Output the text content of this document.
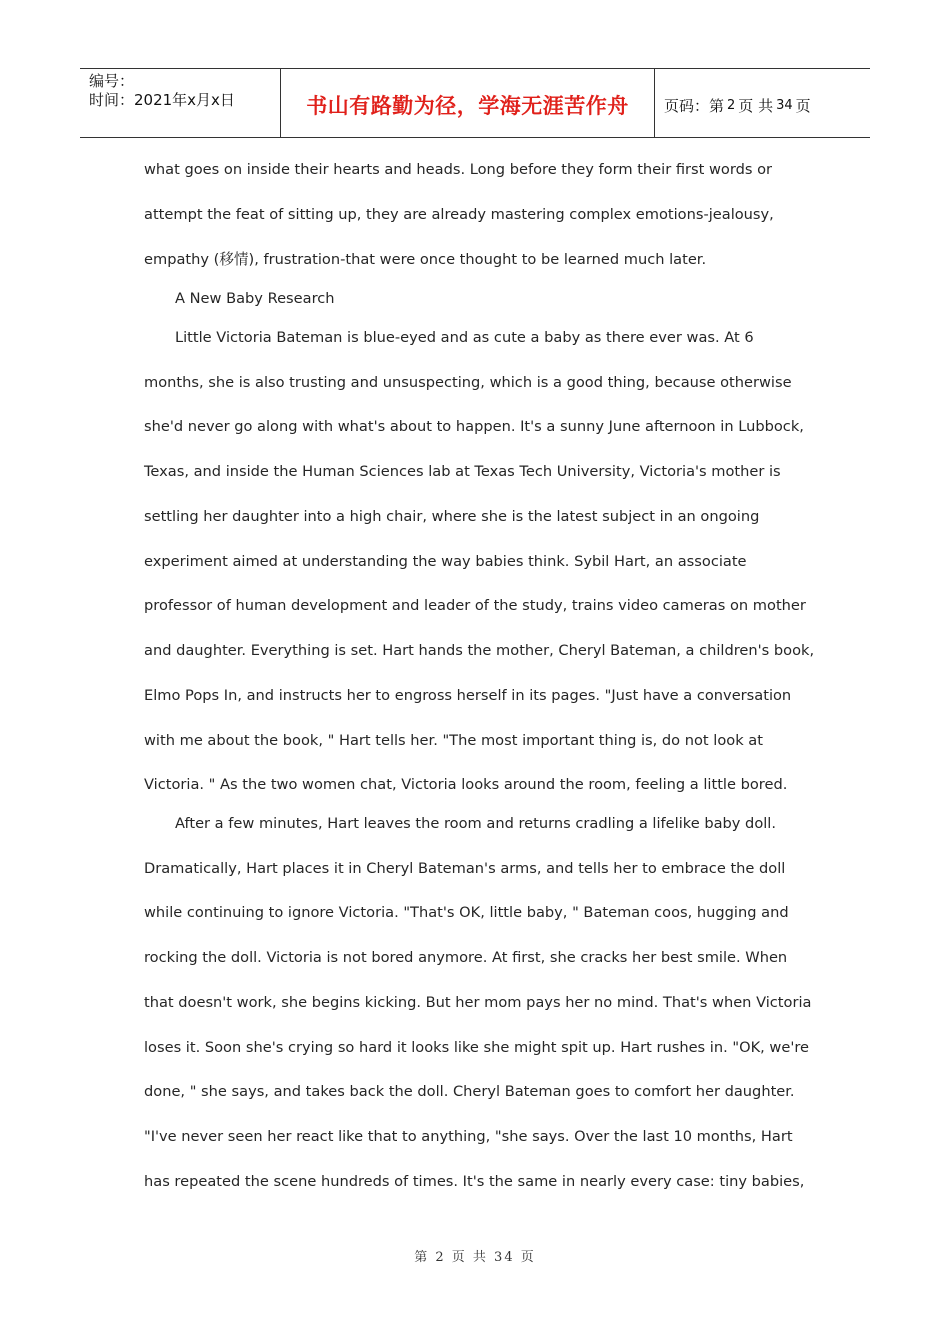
编号：
时间：2021年x月x日	书山有路勤为径，学海无涯苦作舟 页码：第 2 页 共 34 页
what goes on inside their hearts and heads. Long before they form their first words or
attempt the feat of sitting up, they are already mastering complex emotions-jealousy,
empathy (移情), frustration-that were once thought to be learned much later.
A New Baby Research
Little Victoria Bateman is blue-eyed and as cute a baby as there ever was. At 6
months, she is also trusting and unsuspecting, which is a good thing, because otherwise
she'd never go along with what's about to happen. It's a sunny June afternoon in Lubbock,
Texas, and inside the Human Sciences lab at Texas Tech University, Victoria's mother is
settling her daughter into a high chair, where she is the latest subject in an ongoing
experiment aimed at understanding the way babies think. Sybil Hart, an associate
professor of human development and leader of the study, trains video cameras on mother
and daughter. Everything is set. Hart hands the mother, Cheryl Bateman, a children's book,
Elmo Pops In, and instructs her to engross herself in its pages. "Just have a conversation
with me about the book, " Hart tells her. "The most important thing is, do not look at
Victoria. " As the two women chat, Victoria looks around the room, feeling a little bored.
After a few minutes, Hart leaves the room and returns cradling a lifelike baby doll.
Dramatically, Hart places it in Cheryl Bateman's arms, and tells her to embrace the doll
while continuing to ignore Victoria. "That's OK, little baby, " Bateman coos, hugging and
rocking the doll. Victoria is not bored anymore. At first, she cracks her best smile. When
that doesn't work, she begins kicking. But her mom pays her no mind. That's when Victoria
loses it. Soon she's crying so hard it looks like she might spit up. Hart rushes in. "OK, we're
done, " she says, and takes back the doll. Cheryl Bateman goes to comfort her daughter.
"I've never seen her react like that to anything, "she says. Over the last 10 months, Hart
has repeated the scene hundreds of times. It's the same in nearly every case: tiny babies,
第 2 页 共 34 页
